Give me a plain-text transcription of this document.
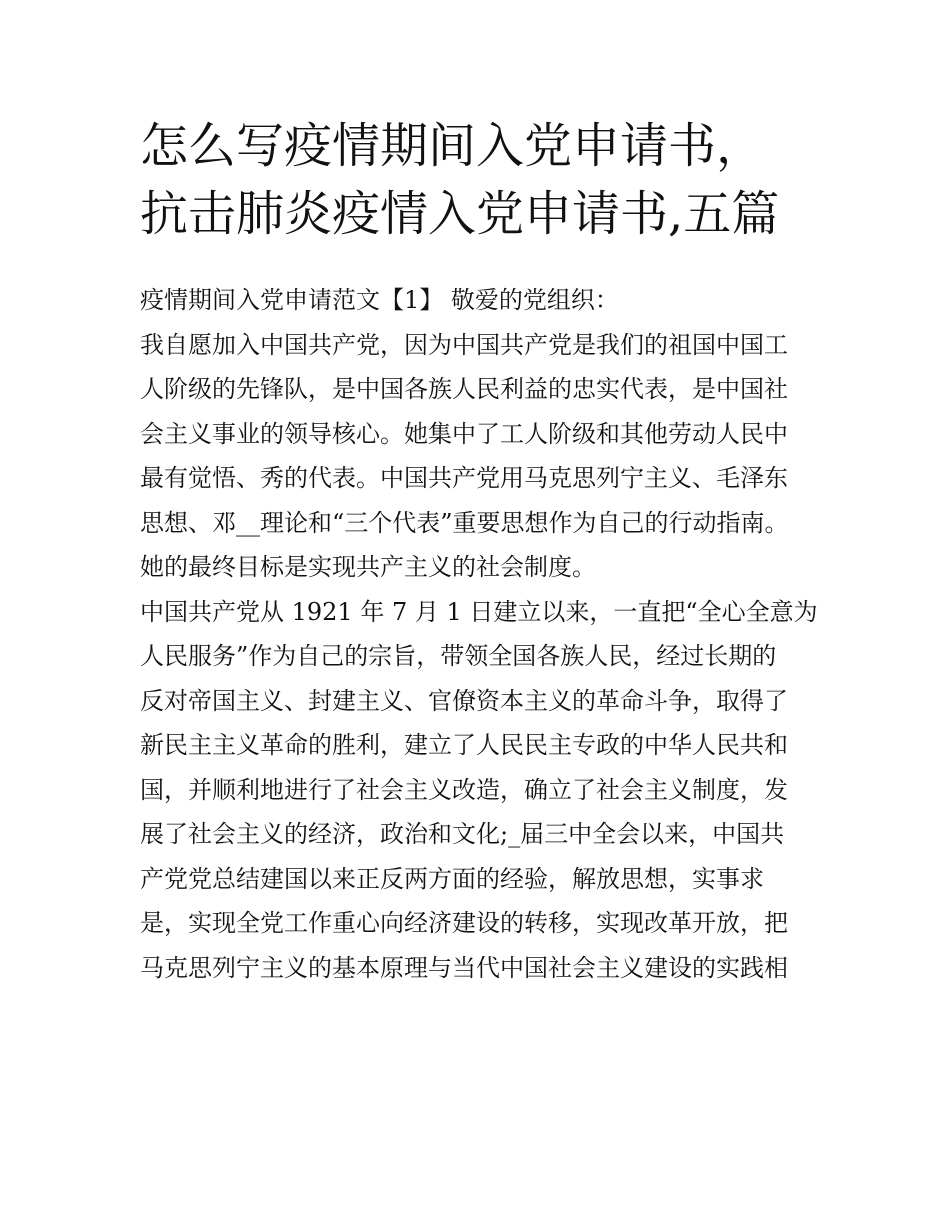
怎么写疫情期间入党申请书，
抗击肺炎疫情入党申请书,五篇

疫情期间入党申请范文【1】 敬爱的党组织：

我自愿加入中国共产党，因为中国共产党是我们的祖国中国工
人阶级的先锋队，是中国各族人民利益的忠实代表，是中国社
会主义事业的领导核心。她集中了工人阶级和其他劳动人民中
最有觉悟、秀的代表。中国共产党用马克思列宁主义、毛泽东
思想、邓__理论和“三个代表”重要思想作为自己的行动指南。
她的最终目标是实现共产主义的社会制度。

中国共产党从 1921 年 7 月 1 日建立以来，一直把“全心全意为
人民服务”作为自己的宗旨，带领全国各族人民，经过长期的
反对帝国主义、封建主义、官僚资本主义的革命斗争，取得了
新民主主义革命的胜利，建立了人民民主专政的中华人民共和
国，并顺利地进行了社会主义改造，确立了社会主义制度，发
展了社会主义的经济，政治和文化;_届三中全会以来，中国共
产党党总结建国以来正反两方面的经验，解放思想，实事求
是，实现全党工作重心向经济建设的转移，实现改革开放，把
马克思列宁主义的基本原理与当代中国社会主义建设的实践相
